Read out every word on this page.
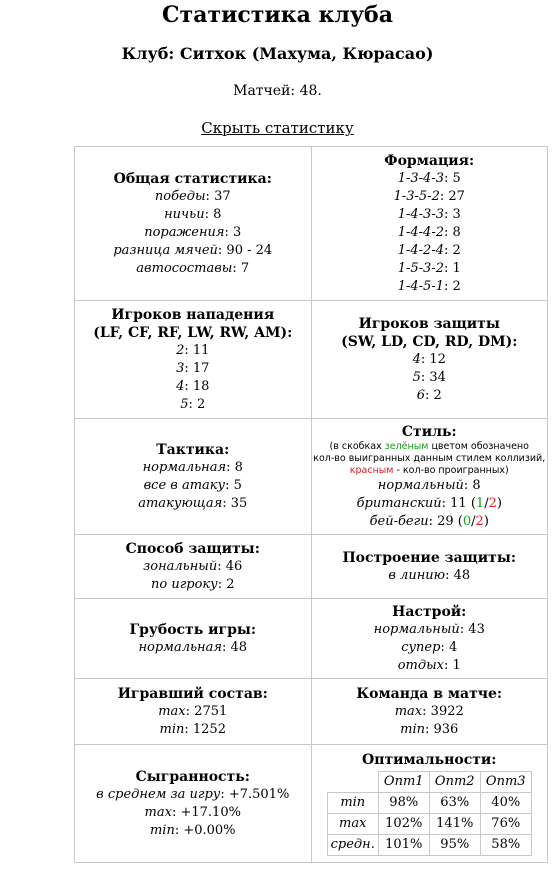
Статистика клуба
Клуб: Ситхок (Махума, Кюрасао)
Матчей: 48.
Скрыть статистику
Общая статистика:
победы: 37
ничьи: 8
поражения: 3
разница мячей: 90 - 24
автосоставы: 7

Формация:
1-3-4-3: 5
1-3-5-2: 27
1-4-3-3: 3
1-4-4-2: 8
1-4-2-4: 2
1-5-3-2: 1
1-4-5-1: 2

Игроков нападения
(LF, CF, RF, LW, RW, AM):
2: 11
3: 17
4: 18
5: 2

Игроков защиты
(SW, LD, CD, RD, DM):
4: 12
5: 34
6: 2

Тактика:
нормальная: 8
все в атаку: 5
атакующая: 35

Стиль:
(в скобках зелёным цветом обозначено
кол-во выигранных данным стилем коллизий,
красным - кол-во проигранных)
нормальный: 8
британский: 11 (1/2)
бей-беги: 29 (0/2)

Способ защиты:
зональный: 46
по игроку: 2

Построение защиты:
в линию: 48

Грубость игры:
нормальная: 48

Настрой:
нормальный: 43
супер: 4
отдых: 1

Игравший состав:
max: 2751
min: 1252

Команда в матче:
max: 3922
min: 936

Сыгранность:
в среднем за игру: +7.501%
max: +17.10%
min: +0.00%

Оптимальности:
	Опт1	Опт2	Опт3
min	98%	63%	40%
max	102%	141%	76%
средн.	101%	95%	58%
